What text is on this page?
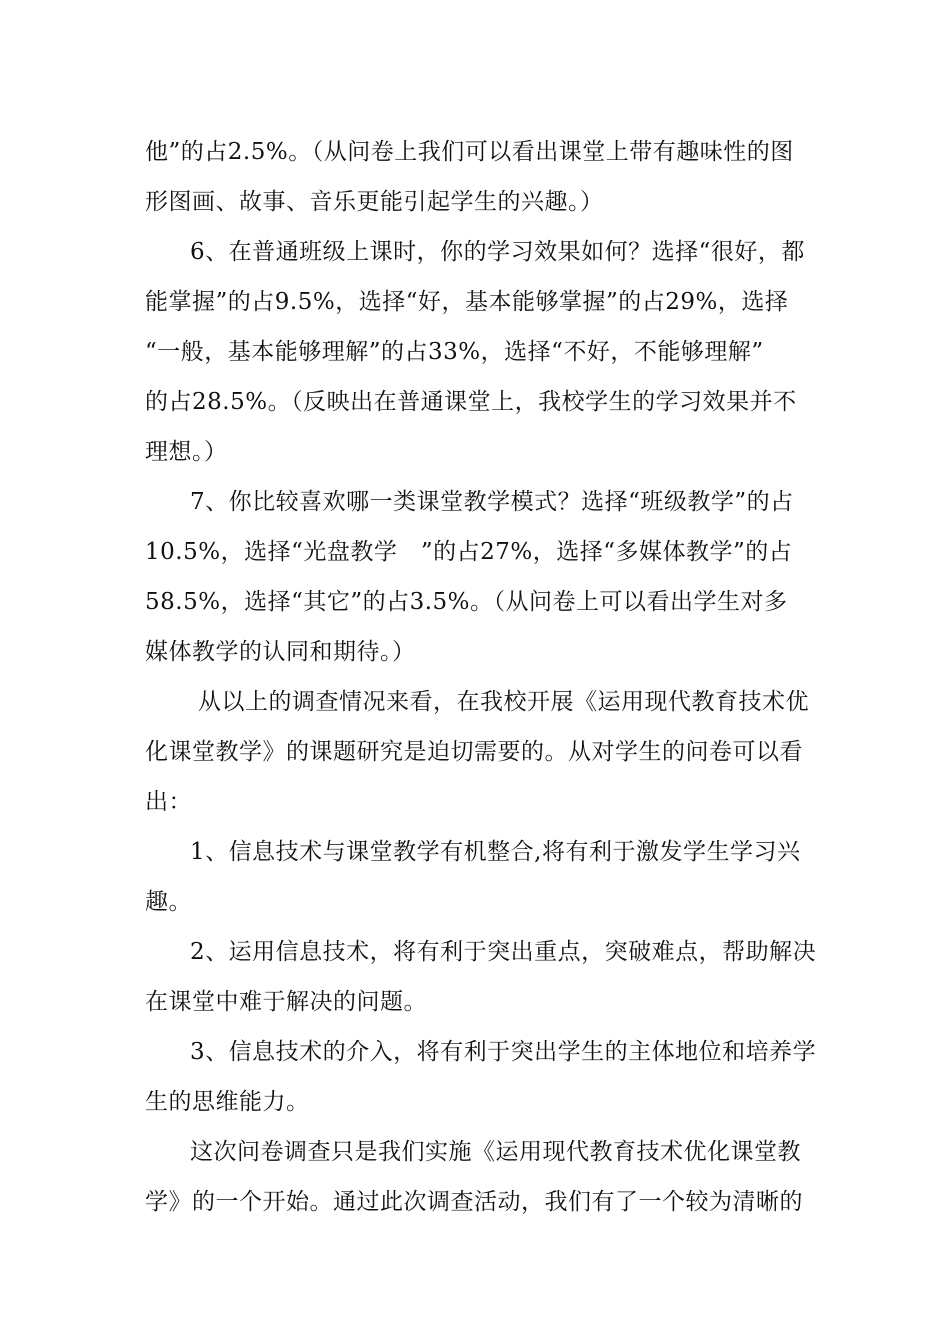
他”的占2.5%。（从问卷上我们可以看出课堂上带有趣味性的图
形图画、故事、音乐更能引起学生的兴趣。）
6、在普通班级上课时，你的学习效果如何？选择“很好，都
能掌握”的占9.5%，选择“好，基本能够掌握”的占29%，选择
“一般，基本能够理解”的占33%，选择“不好，不能够理解”
的占28.5%。（反映出在普通课堂上，我校学生的学习效果并不
理想。）
7、你比较喜欢哪一类课堂教学模式？选择“班级教学”的占
10.5%，选择“光盘教学　”的占27%，选择“多媒体教学”的占
58.5%，选择“其它”的占3.5%。（从问卷上可以看出学生对多
媒体教学的认同和期待。）
从以上的调查情况来看，在我校开展《运用现代教育技术优
化课堂教学》的课题研究是迫切需要的。从对学生的问卷可以看
出：
1、信息技术与课堂教学有机整合,将有利于激发学生学习兴
趣。
2、运用信息技术，将有利于突出重点，突破难点，帮助解决
在课堂中难于解决的问题。
3、信息技术的介入，将有利于突出学生的主体地位和培养学
生的思维能力。
这次问卷调查只是我们实施《运用现代教育技术优化课堂教
学》的一个开始。通过此次调查活动，我们有了一个较为清晰的
